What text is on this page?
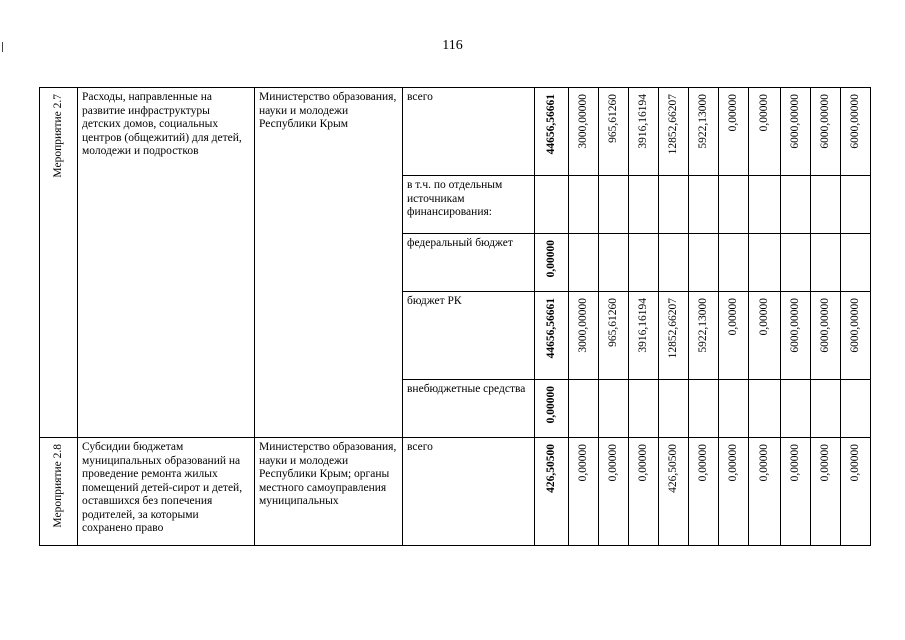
116
Мероприятие 2.7	Расходы, направленные на развитие инфраструктуры детских домов, социальных центров (общежитий) для детей, молодежи и подростков	Министерство образования, науки и молодежи Республики Крым	всего	44656,56661	3000,00000	965,61260	3916,16194	12852,66207	5922,13000	0,00000	0,00000	6000,00000	6000,00000	6000,00000

			в т.ч. по отдельным источникам финансирования:	

			федеральный бюджет	0,00000										

			бюджет РК	44656,56661	3000,00000	965,61260	3916,16194	12852,66207	5922,13000	0,00000	0,00000	6000,00000	6000,00000	6000,00000

			внебюджетные средства	0,00000										

Мероприятие 2.8	Субсидии бюджетам муниципальных образований на проведение ремонта жилых помещений детей-сирот и детей, оставшихся без попечения родителей, за которыми сохранено право	Министерство образования, науки и молодежи Республики Крым; органы местного самоуправления муниципальных	всего	426,50500	0,00000	0,00000	0,00000	426,50500	0,00000	0,00000	0,00000	0,00000	0,00000	0,00000
